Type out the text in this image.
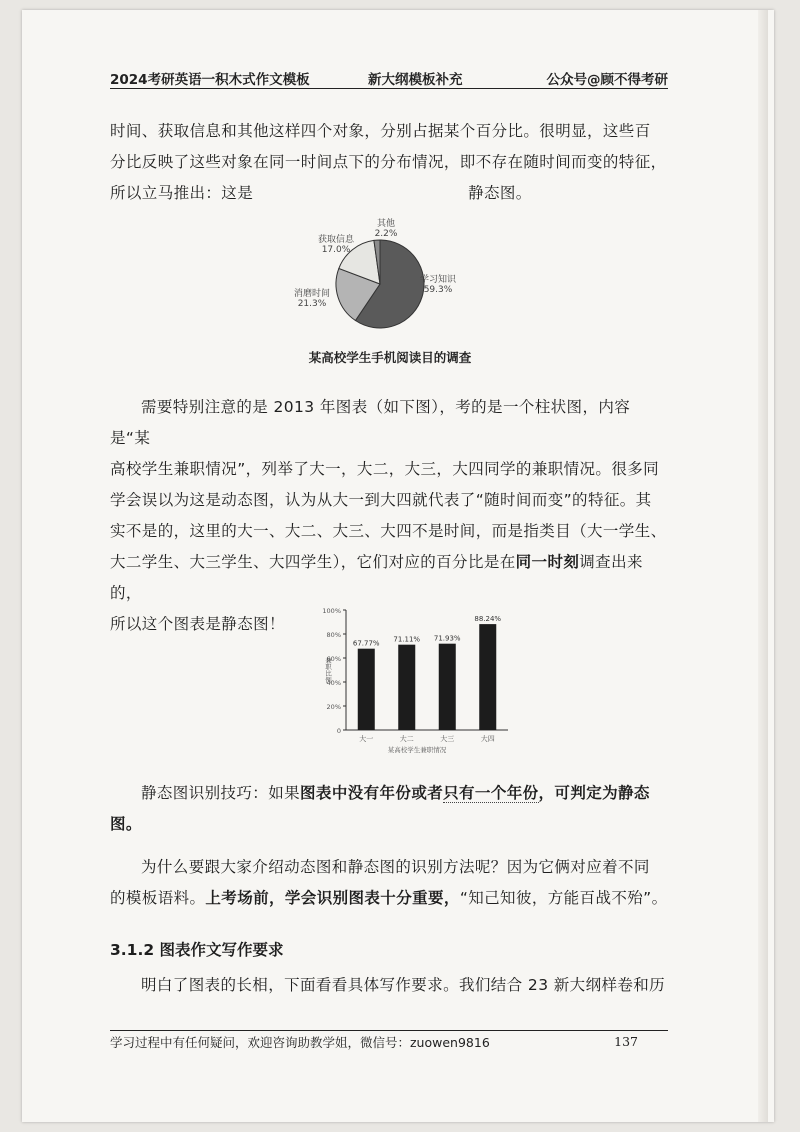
2024考研英语一积木式作文模板	新大纲模板补充	公众号@顾不得考研
时间、获取信息和其他这样四个对象，分别占据某个百分比。很明显，这些百
分比反映了这些对象在同一时间点下的分布情况，即不存在随时间而变的特征，
所以立马推出：这是	静态图。
学习知识
59.3%
消磨时间
21.3%
获取信息
17.0%
其他
2.2%
某高校学生手机阅读目的调查
需要特别注意的是 2013 年图表（如下图），考的是一个柱状图，内容是“某
高校学生兼职情况”，列举了大一，大二，大三，大四同学的兼职情况。很多同
学会误以为这是动态图，认为从大一到大四就代表了“随时间而变”的特征。其
实不是的，这里的大一、大二、大三、大四不是时间，而是指类目（大一学生、
大二学生、大三学生、大四学生），它们对应的百分比是在同一时刻调查出来的，
所以这个图表是静态图！
0
20%
40%
60%
80%
100%
67.77%
大一
71.11%
大二
71.93%
大三
88.24%
大四
兼职比例
某高校学生兼职情况
静态图识别技巧：如果图表中没有年份或者只有一个年份，可判定为静态
图。
为什么要跟大家介绍动态图和静态图的识别方法呢？因为它俩对应着不同
的模板语料。上考场前，学会识别图表十分重要，“知己知彼，方能百战不殆”。
3.1.2 图表作文写作要求
明白了图表的长相，下面看看具体写作要求。我们结合 23 新大纲样卷和历
学习过程中有任何疑问，欢迎咨询助教学姐，微信号：zuowen9816	137
